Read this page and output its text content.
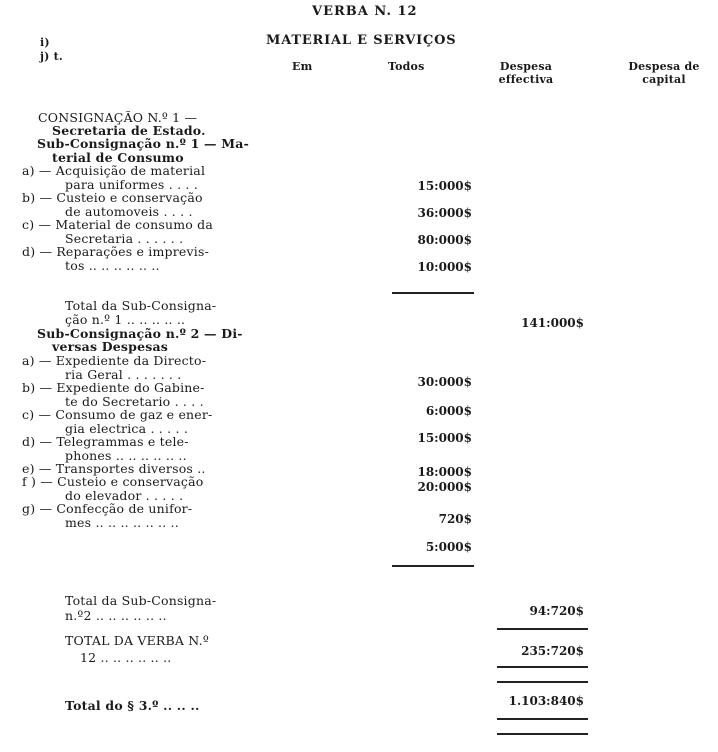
VERBA N. 12
MATERIAL E SERVIÇOS
i)
j) t.
Em	Todos	Despesa effectiva
Despesa de capital
CONSIGNAÇÃO N.º 1 —
Secretaria de Estado.
Sub-Consignação n.º 1 — Ma-
terial de Consumo
a) — Acquisição de material
para uniformes . . . .
b) — Custeio e conservação
de automoveis . . . .
c) — Material de consumo da
Secretaria . . . . . .
d) — Reparações e imprevis-
tos .. .. .. .. .. ..
Total da Sub-Consigna-
ção n.º 1 .. .. .. .. ..
Sub-Consignação n.º 2 — Di-
versas Despesas
a) — Expediente da Directo-
ria Geral . . . . . . .
b) — Expediente do Gabine-
te do Secretario . . . .
c) — Consumo de gaz e ener-
gia electrica . . . . .
d) — Telegrammas e tele-
phones .. .. .. .. .. ..
e) — Transportes diversos ..
f ) — Custeio e conservação
do elevador . . . . .
g) — Confecção de unifor-
mes .. .. .. .. .. .. ..
Total da Sub-Consigna-
n.º2 .. .. .. .. .. ..
TOTAL DA VERBA N.º
12 .. .. .. .. .. ..
Total do § 3.º .. .. ..
15:000$
36:000$
80:000$
10:000$
30:000$
6:000$
15:000$
18:000$
20:000$
720$
5:000$
141:000$
94:720$
235:720$
1.103:840$
